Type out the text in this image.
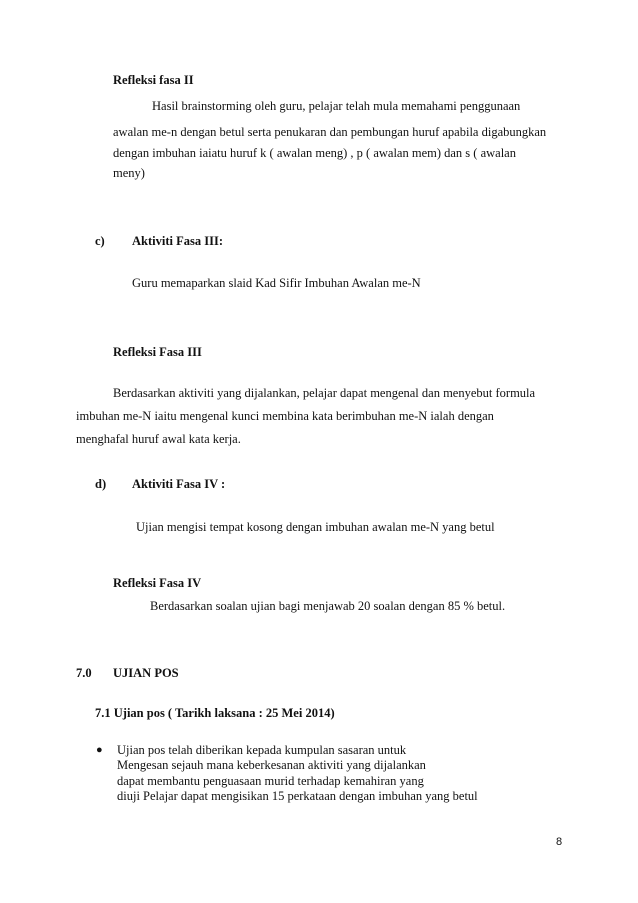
Refleksi fasa II
Hasil brainstorming oleh guru, pelajar telah mula memahami penggunaan
awalan me-n dengan betul serta penukaran dan pembungan huruf apabila digabungkan
dengan imbuhan iaiatu huruf k ( awalan meng) , p ( awalan mem) dan s ( awalan
meny)
c) Aktiviti Fasa III:
Guru memaparkan slaid Kad Sifir Imbuhan Awalan me-N
Refleksi Fasa III
Berdasarkan aktiviti yang dijalankan, pelajar dapat mengenal dan menyebut formula
imbuhan me-N iaitu mengenal kunci membina kata berimbuhan me-N ialah dengan
menghafal huruf awal kata kerja.
d) Aktiviti Fasa IV :
Ujian mengisi tempat kosong dengan imbuhan awalan me-N yang betul
Refleksi Fasa IV
Berdasarkan soalan ujian bagi menjawab 20 soalan dengan 85 % betul.
7.0 UJIAN POS
7.1 Ujian pos ( Tarikh laksana : 25 Mei 2014)
● Ujian pos telah diberikan kepada kumpulan sasaran untuk
Mengesan sejauh mana keberkesanan aktiviti yang dijalankan
dapat membantu penguasaan murid terhadap kemahiran yang
diuji Pelajar dapat mengisikan 15 perkataan dengan imbuhan yang betul
8
